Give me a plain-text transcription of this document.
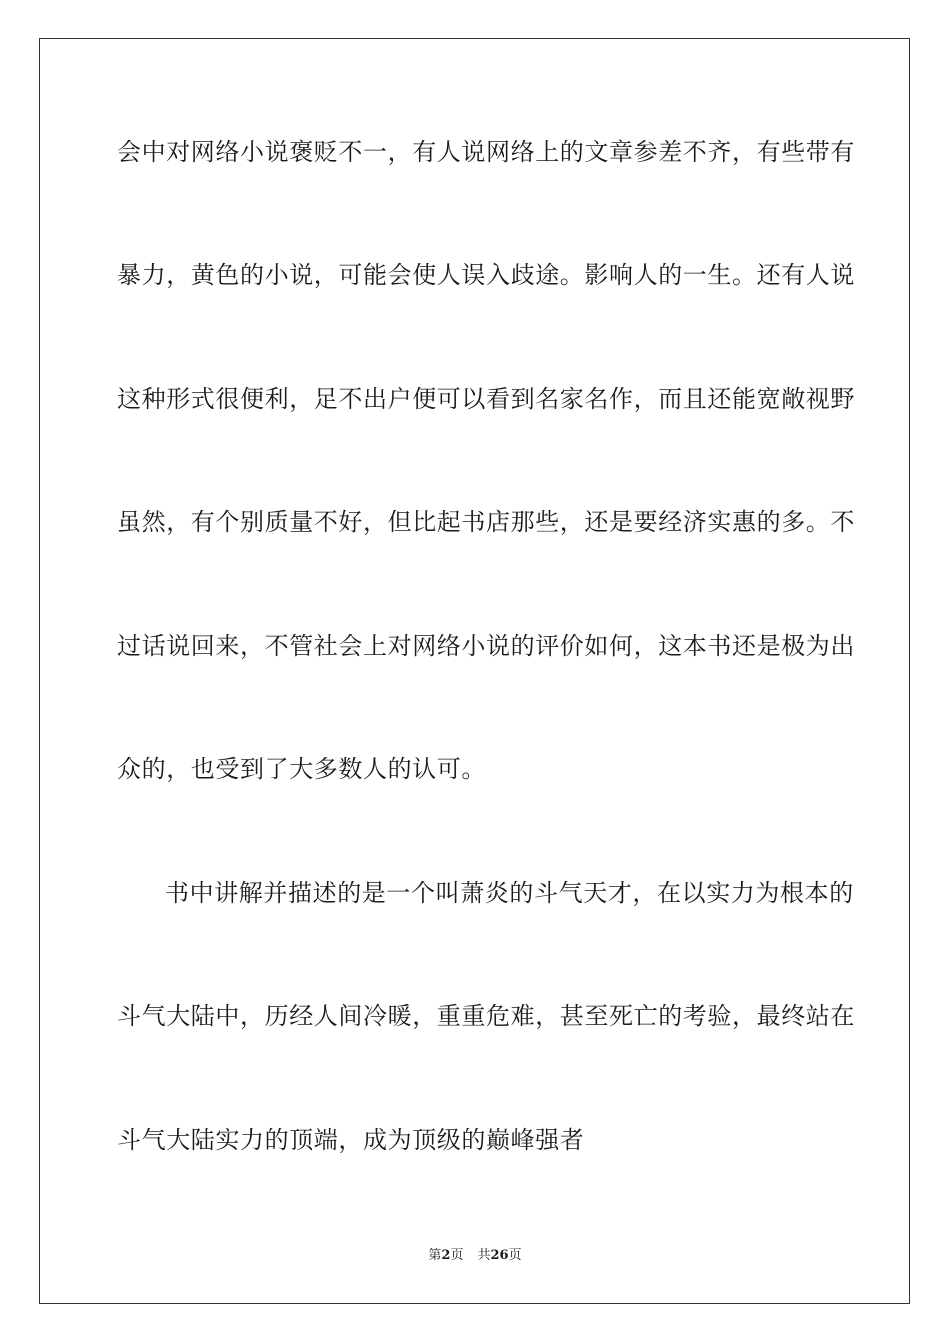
会中对网络小说褒贬不一，有人说网络上的文章参差不齐，有些带有
暴力，黄色的小说，可能会使人误入歧途。影响人的一生。还有人说
这种形式很便利，足不出户便可以看到名家名作，而且还能宽敞视野
虽然，有个别质量不好，但比起书店那些，还是要经济实惠的多。不
过话说回来，不管社会上对网络小说的评价如何，这本书还是极为出
众的，也受到了大多数人的认可。
书中讲解并描述的是一个叫萧炎的斗气天才，在以实力为根本的
斗气大陆中，历经人间冷暖，重重危难，甚至死亡的考验，最终站在
斗气大陆实力的顶端，成为顶级的巅峰强者
第2页 共26页
